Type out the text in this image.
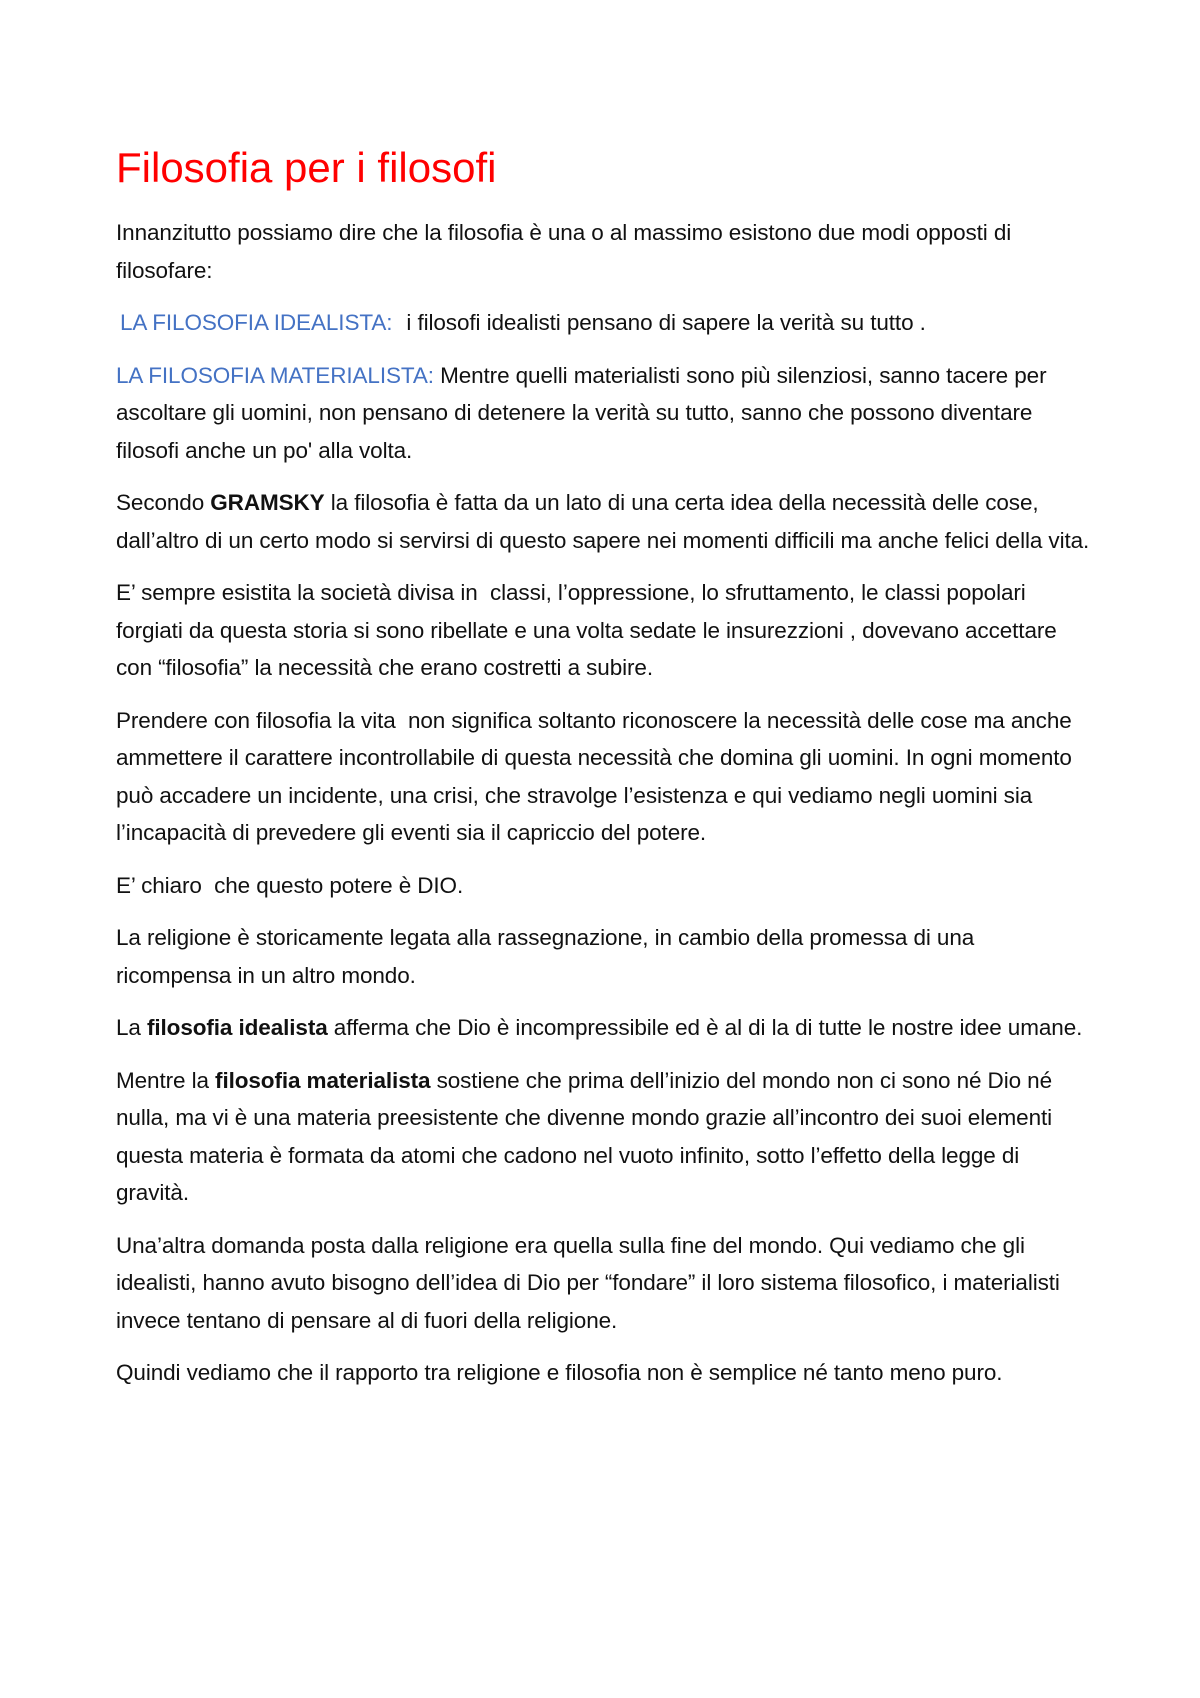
Filosofia per i filosofi

Innanzitutto possiamo dire che la filosofia è una o al massimo esistono due modi opposti di filosofare:

LA FILOSOFIA IDEALISTA: i filosofi idealisti pensano di sapere la verità su tutto .

LA FILOSOFIA MATERIALISTA: Mentre quelli materialisti sono più silenziosi, sanno tacere per ascoltare gli uomini, non pensano di detenere la verità su tutto, sanno che possono diventare filosofi anche un po' alla volta.

Secondo GRAMSKY la filosofia è fatta da un lato di una certa idea della necessità delle cose, dall’altro di un certo modo si servirsi di questo sapere nei momenti difficili ma anche felici della vita.

E’ sempre esistita la società divisa in  classi, l’oppressione, lo sfruttamento, le classi popolari forgiati da questa storia si sono ribellate e una volta sedate le insurezzioni , dovevano accettare con “filosofia” la necessità che erano costretti a subire.

Prendere con filosofia la vita  non significa soltanto riconoscere la necessità delle cose ma anche ammettere il carattere incontrollabile di questa necessità che domina gli uomini. In ogni momento può accadere un incidente, una crisi, che stravolge l’esistenza e qui vediamo negli uomini sia l’incapacità di prevedere gli eventi sia il capriccio del potere.

E’ chiaro  che questo potere è DIO.

La religione è storicamente legata alla rassegnazione, in cambio della promessa di una ricompensa in un altro mondo.

La filosofia idealista afferma che Dio è incompressibile ed è al di la di tutte le nostre idee umane.

Mentre la filosofia materialista sostiene che prima dell’inizio del mondo non ci sono né Dio né nulla, ma vi è una materia preesistente che divenne mondo grazie all’incontro dei suoi elementi questa materia è formata da atomi che cadono nel vuoto infinito, sotto l’effetto della legge di gravità.

Una’altra domanda posta dalla religione era quella sulla fine del mondo. Qui vediamo che gli idealisti, hanno avuto bisogno dell’idea di Dio per “fondare” il loro sistema filosofico, i materialisti invece tentano di pensare al di fuori della religione.

Quindi vediamo che il rapporto tra religione e filosofia non è semplice né tanto meno puro.
